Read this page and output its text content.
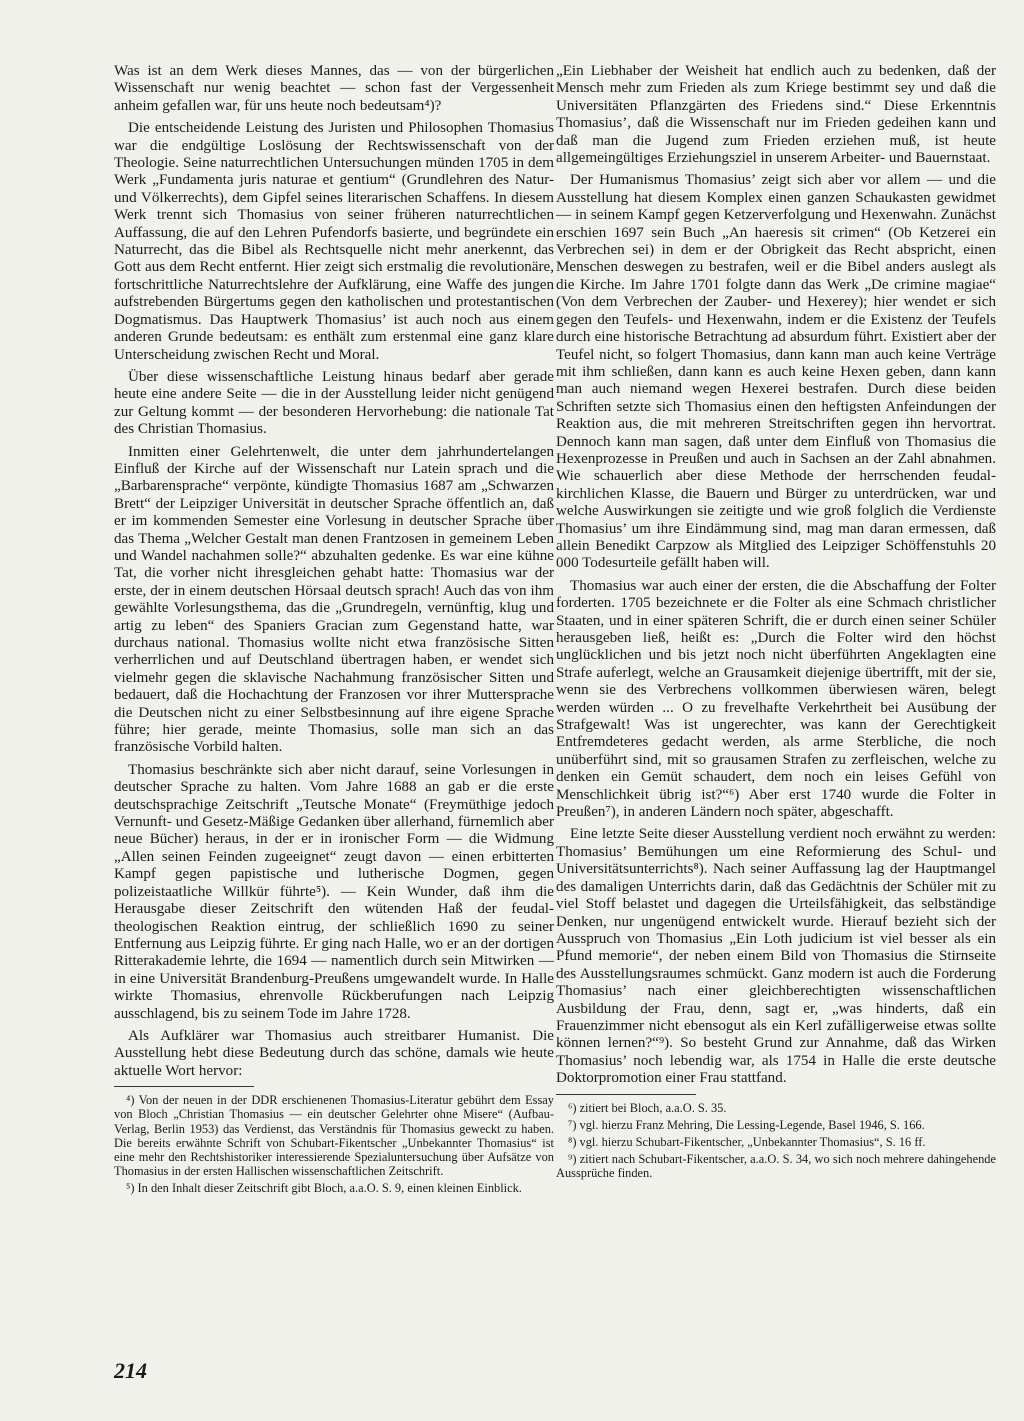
Was ist an dem Werk dieses Mannes, das — von der bürgerlichen Wissenschaft nur wenig beachtet — schon fast der Vergessenheit anheim gefallen war, für uns heute noch bedeutsam⁴)?

Die entscheidende Leistung des Juristen und Philosophen Thomasius war die endgültige Loslösung der Rechtswissenschaft von der Theologie. Seine naturrechtlichen Untersuchungen münden 1705 in dem Werk „Fundamenta juris naturae et gentium“ (Grundlehren des Natur- und Völkerrechts), dem Gipfel seines literarischen Schaffens. In diesem Werk trennt sich Thomasius von seiner früheren naturrechtlichen Auffassung, die auf den Lehren Pufendorfs basierte, und begründete ein Naturrecht, das die Bibel als Rechtsquelle nicht mehr anerkennt, das Gott aus dem Recht entfernt. Hier zeigt sich erstmalig die revolutionäre, fortschrittliche Naturrechtslehre der Aufklärung, eine Waffe des jungen aufstrebenden Bürgertums gegen den katholischen und protestantischen Dogmatismus. Das Hauptwerk Thomasius’ ist auch noch aus einem anderen Grunde bedeutsam: es enthält zum erstenmal eine ganz klare Unterscheidung zwischen Recht und Moral.

Über diese wissenschaftliche Leistung hinaus bedarf aber gerade heute eine andere Seite — die in der Ausstellung leider nicht genügend zur Geltung kommt — der besonderen Hervorhebung: die nationale Tat des Christian Thomasius.

Inmitten einer Gelehrtenwelt, die unter dem jahrhundertelangen Einfluß der Kirche auf der Wissenschaft nur Latein sprach und die „Barbarensprache“ verpönte, kündigte Thomasius 1687 am „Schwarzen Brett“ der Leipziger Universität in deutscher Sprache öffentlich an, daß er im kommenden Semester eine Vorlesung in deutscher Sprache über das Thema „Welcher Gestalt man denen Frantzosen in gemeinem Leben und Wandel nachahmen solle?“ abzuhalten gedenke. Es war eine kühne Tat, die vorher nicht ihresgleichen gehabt hatte: Thomasius war der erste, der in einem deutschen Hörsaal deutsch sprach! Auch das von ihm gewählte Vorlesungsthema, das die „Grundregeln, vernünftig, klug und artig zu leben“ des Spaniers Gracian zum Gegenstand hatte, war durchaus national. Thomasius wollte nicht etwa französische Sitten verherrlichen und auf Deutschland übertragen haben, er wendet sich vielmehr gegen die sklavische Nachahmung französischer Sitten und bedauert, daß die Hochachtung der Franzosen vor ihrer Muttersprache die Deutschen nicht zu einer Selbstbesinnung auf ihre eigene Sprache führe; hier gerade, meinte Thomasius, solle man sich an das französische Vorbild halten.

Thomasius beschränkte sich aber nicht darauf, seine Vorlesungen in deutscher Sprache zu halten. Vom Jahre 1688 an gab er die erste deutschsprachige Zeitschrift „Teutsche Monate“ (Freymüthige jedoch Vernunft- und Gesetz-Mäßige Gedanken über allerhand, fürnemlich aber neue Bücher) heraus, in der er in ironischer Form — die Widmung „Allen seinen Feinden zugeeignet“ zeugt davon — einen erbitterten Kampf gegen papistische und lutherische Dogmen, gegen polizeistaatliche Willkür führte⁵). — Kein Wunder, daß ihm die Herausgabe dieser Zeitschrift den wütenden Haß der feudal-theologischen Reaktion eintrug, der schließlich 1690 zu seiner Entfernung aus Leipzig führte. Er ging nach Halle, wo er an der dortigen Ritterakademie lehrte, die 1694 — namentlich durch sein Mitwirken — in eine Universität Brandenburg-Preußens umgewandelt wurde. In Halle wirkte Thomasius, ehrenvolle Rückberufungen nach Leipzig ausschlagend, bis zu seinem Tode im Jahre 1728.

Als Aufklärer war Thomasius auch streitbarer Humanist. Die Ausstellung hebt diese Bedeutung durch das schöne, damals wie heute aktuelle Wort hervor:

⁴) Von der neuen in der DDR erschienenen Thomasius-Literatur gebührt dem Essay von Bloch „Christian Thomasius — ein deutscher Gelehrter ohne Misere“ (Aufbau-Verlag, Berlin 1953) das Verdienst, das Verständnis für Thomasius geweckt zu haben. Die bereits erwähnte Schrift von Schubart-Fikentscher „Unbekannter Thomasius“ ist eine mehr den Rechtshistoriker interessierende Spezialuntersuchung über Aufsätze von Thomasius in der ersten Hallischen wissenschaftlichen Zeitschrift.

⁵) In den Inhalt dieser Zeitschrift gibt Bloch, a.a.O. S. 9, einen kleinen Einblick.

„Ein Liebhaber der Weisheit hat endlich auch zu bedenken, daß der Mensch mehr zum Frieden als zum Kriege bestimmt sey und daß die Universitäten Pflanzgärten des Friedens sind.“ Diese Erkenntnis Thomasius’, daß die Wissenschaft nur im Frieden gedeihen kann und daß man die Jugend zum Frieden erziehen muß, ist heute allgemeingültiges Erziehungsziel in unserem Arbeiter- und Bauernstaat.

Der Humanismus Thomasius’ zeigt sich aber vor allem — und die Ausstellung hat diesem Komplex einen ganzen Schaukasten gewidmet — in seinem Kampf gegen Ketzerverfolgung und Hexenwahn. Zunächst erschien 1697 sein Buch „An haeresis sit crimen“ (Ob Ketzerei ein Verbrechen sei) in dem er der Obrigkeit das Recht abspricht, einen Menschen deswegen zu bestrafen, weil er die Bibel anders auslegt als die Kirche. Im Jahre 1701 folgte dann das Werk „De crimine magiae“ (Von dem Verbrechen der Zauber- und Hexerey); hier wendet er sich gegen den Teufels- und Hexenwahn, indem er die Existenz der Teufels durch eine historische Betrachtung ad absurdum führt. Existiert aber der Teufel nicht, so folgert Thomasius, dann kann man auch keine Verträge mit ihm schließen, dann kann es auch keine Hexen geben, dann kann man auch niemand wegen Hexerei bestrafen. Durch diese beiden Schriften setzte sich Thomasius einen den heftigsten Anfeindungen der Reaktion aus, die mit mehreren Streitschriften gegen ihn hervortrat. Dennoch kann man sagen, daß unter dem Einfluß von Thomasius die Hexenprozesse in Preußen und auch in Sachsen an der Zahl abnahmen. Wie schauerlich aber diese Methode der herrschenden feudal-kirchlichen Klasse, die Bauern und Bürger zu unterdrücken, war und welche Auswirkungen sie zeitigte und wie groß folglich die Verdienste Thomasius’ um ihre Eindämmung sind, mag man daran ermessen, daß allein Benedikt Carpzow als Mitglied des Leipziger Schöffenstuhls 20 000 Todesurteile gefällt haben will.

Thomasius war auch einer der ersten, die die Abschaffung der Folter forderten. 1705 bezeichnete er die Folter als eine Schmach christlicher Staaten, und in einer späteren Schrift, die er durch einen seiner Schüler herausgeben ließ, heißt es: „Durch die Folter wird den höchst unglücklichen und bis jetzt noch nicht überführten Angeklagten eine Strafe auferlegt, welche an Grausamkeit diejenige übertrifft, mit der sie, wenn sie des Verbrechens vollkommen überwiesen wären, belegt werden würden ... O zu frevelhafte Verkehrtheit bei Ausübung der Strafgewalt! Was ist ungerechter, was kann der Gerechtigkeit Entfremdeteres gedacht werden, als arme Sterbliche, die noch unüberführt sind, mit so grausamen Strafen zu zerfleischen, welche zu denken ein Gemüt schaudert, dem noch ein leises Gefühl von Menschlichkeit übrig ist?“⁶) Aber erst 1740 wurde die Folter in Preußen⁷), in anderen Ländern noch später, abgeschafft.

Eine letzte Seite dieser Ausstellung verdient noch erwähnt zu werden: Thomasius’ Bemühungen um eine Reformierung des Schul- und Universitätsunterrichts⁸). Nach seiner Auffassung lag der Hauptmangel des damaligen Unterrichts darin, daß das Gedächtnis der Schüler mit zu viel Stoff belastet und dagegen die Urteilsfähigkeit, das selbständige Denken, nur ungenügend entwickelt wurde. Hierauf bezieht sich der Ausspruch von Thomasius „Ein Loth judicium ist viel besser als ein Pfund memorie“, der neben einem Bild von Thomasius die Stirnseite des Ausstellungsraumes schmückt. Ganz modern ist auch die Forderung Thomasius’ nach einer gleichberechtigten wissenschaftlichen Ausbildung der Frau, denn, sagt er, „was hinderts, daß ein Frauenzimmer nicht ebensogut als ein Kerl zufälligerweise etwas sollte können lernen?“⁹). So besteht Grund zur Annahme, daß das Wirken Thomasius’ noch lebendig war, als 1754 in Halle die erste deutsche Doktorpromotion einer Frau stattfand.

⁶) zitiert bei Bloch, a.a.O. S. 35.

⁷) vgl. hierzu Franz Mehring, Die Lessing-Legende, Basel 1946, S. 166.

⁸) vgl. hierzu Schubart-Fikentscher, „Unbekannter Thomasius“, S. 16 ff.

⁹) zitiert nach Schubart-Fikentscher, a.a.O. S. 34, wo sich noch mehrere dahingehende Aussprüche finden.

214
